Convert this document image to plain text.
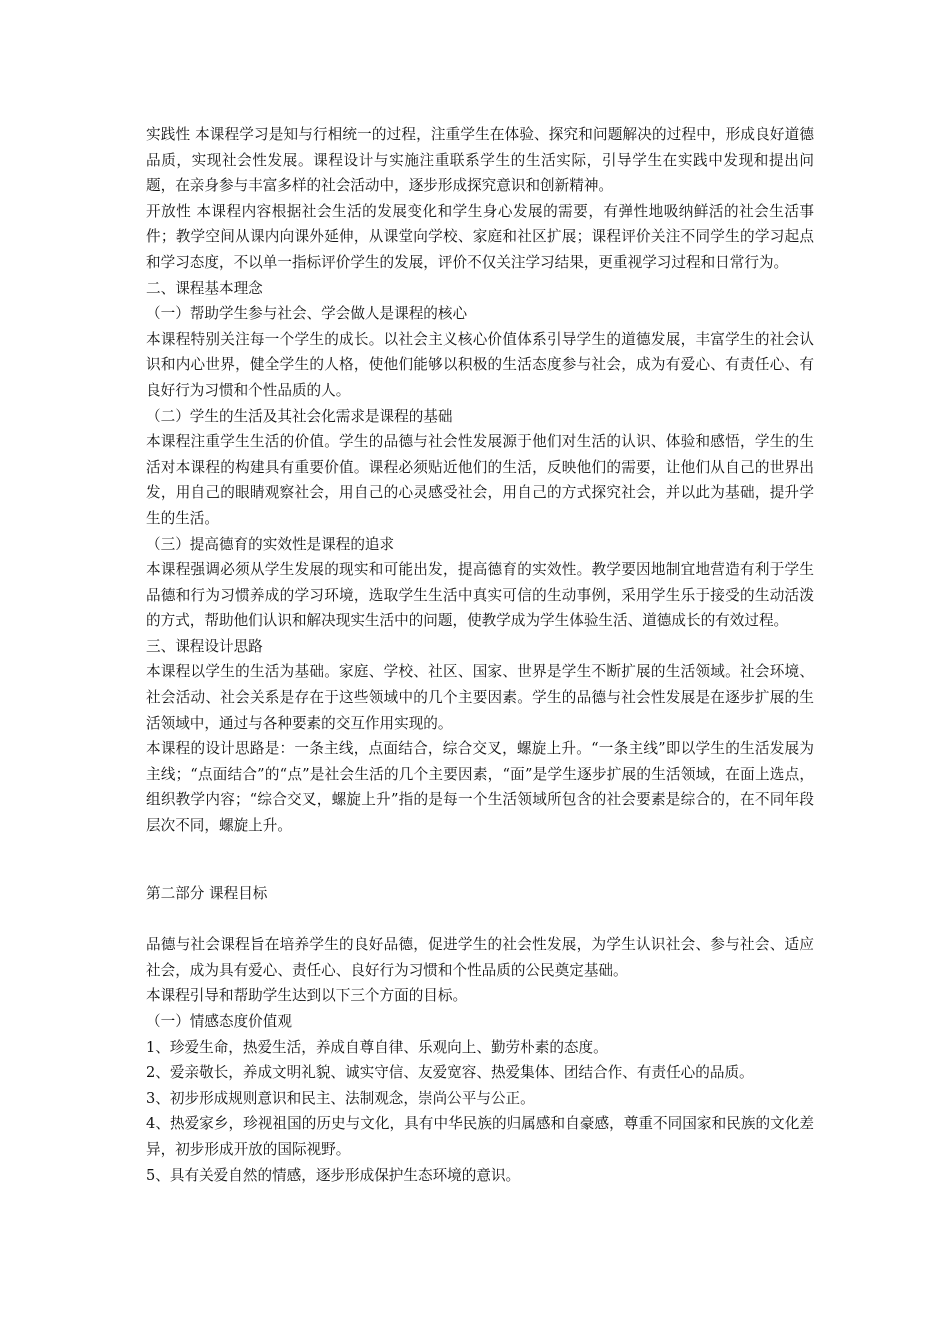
实践性 本课程学习是知与行相统一的过程，注重学生在体验、探究和问题解决的过程中，形成良好道德品质，实现社会性发展。课程设计与实施注重联系学生的生活实际，引导学生在实践中发现和提出问题，在亲身参与丰富多样的社会活动中，逐步形成探究意识和创新精神。

开放性 本课程内容根据社会生活的发展变化和学生身心发展的需要，有弹性地吸纳鲜活的社会生活事件；教学空间从课内向课外延伸，从课堂向学校、家庭和社区扩展；课程评价关注不同学生的学习起点和学习态度，不以单一指标评价学生的发展，评价不仅关注学习结果，更重视学习过程和日常行为。

二、课程基本理念

（一）帮助学生参与社会、学会做人是课程的核心

本课程特别关注每一个学生的成长。以社会主义核心价值体系引导学生的道德发展，丰富学生的社会认识和内心世界，健全学生的人格，使他们能够以积极的生活态度参与社会，成为有爱心、有责任心、有良好行为习惯和个性品质的人。

（二）学生的生活及其社会化需求是课程的基础

本课程注重学生生活的价值。学生的品德与社会性发展源于他们对生活的认识、体验和感悟，学生的生活对本课程的构建具有重要价值。课程必须贴近他们的生活，反映他们的需要，让他们从自己的世界出发，用自己的眼睛观察社会，用自己的心灵感受社会，用自己的方式探究社会，并以此为基础，提升学生的生活。

（三）提高德育的实效性是课程的追求

本课程强调必须从学生发展的现实和可能出发，提高德育的实效性。教学要因地制宜地营造有利于学生品德和行为习惯养成的学习环境，选取学生生活中真实可信的生动事例，采用学生乐于接受的生动活泼的方式，帮助他们认识和解决现实生活中的问题，使教学成为学生体验生活、道德成长的有效过程。

三、课程设计思路

本课程以学生的生活为基础。家庭、学校、社区、国家、世界是学生不断扩展的生活领域。社会环境、社会活动、社会关系是存在于这些领域中的几个主要因素。学生的品德与社会性发展是在逐步扩展的生活领域中，通过与各种要素的交互作用实现的。

本课程的设计思路是：一条主线，点面结合，综合交叉，螺旋上升。“一条主线”即以学生的生活发展为主线；“点面结合”的“点”是社会生活的几个主要因素，“面”是学生逐步扩展的生活领域，在面上选点，组织教学内容；“综合交叉，螺旋上升”指的是每一个生活领域所包含的社会要素是综合的，在不同年段层次不同，螺旋上升。

第二部分 课程目标

品德与社会课程旨在培养学生的良好品德，促进学生的社会性发展，为学生认识社会、参与社会、适应社会，成为具有爱心、责任心、良好行为习惯和个性品质的公民奠定基础。

本课程引导和帮助学生达到以下三个方面的目标。

（一）情感态度价值观

1、珍爱生命，热爱生活，养成自尊自律、乐观向上、勤劳朴素的态度。

2、爱亲敬长，养成文明礼貌、诚实守信、友爱宽容、热爱集体、团结合作、有责任心的品质。

3、初步形成规则意识和民主、法制观念，崇尚公平与公正。

4、热爱家乡，珍视祖国的历史与文化，具有中华民族的归属感和自豪感，尊重不同国家和民族的文化差异，初步形成开放的国际视野。

5、具有关爱自然的情感，逐步形成保护生态环境的意识。
